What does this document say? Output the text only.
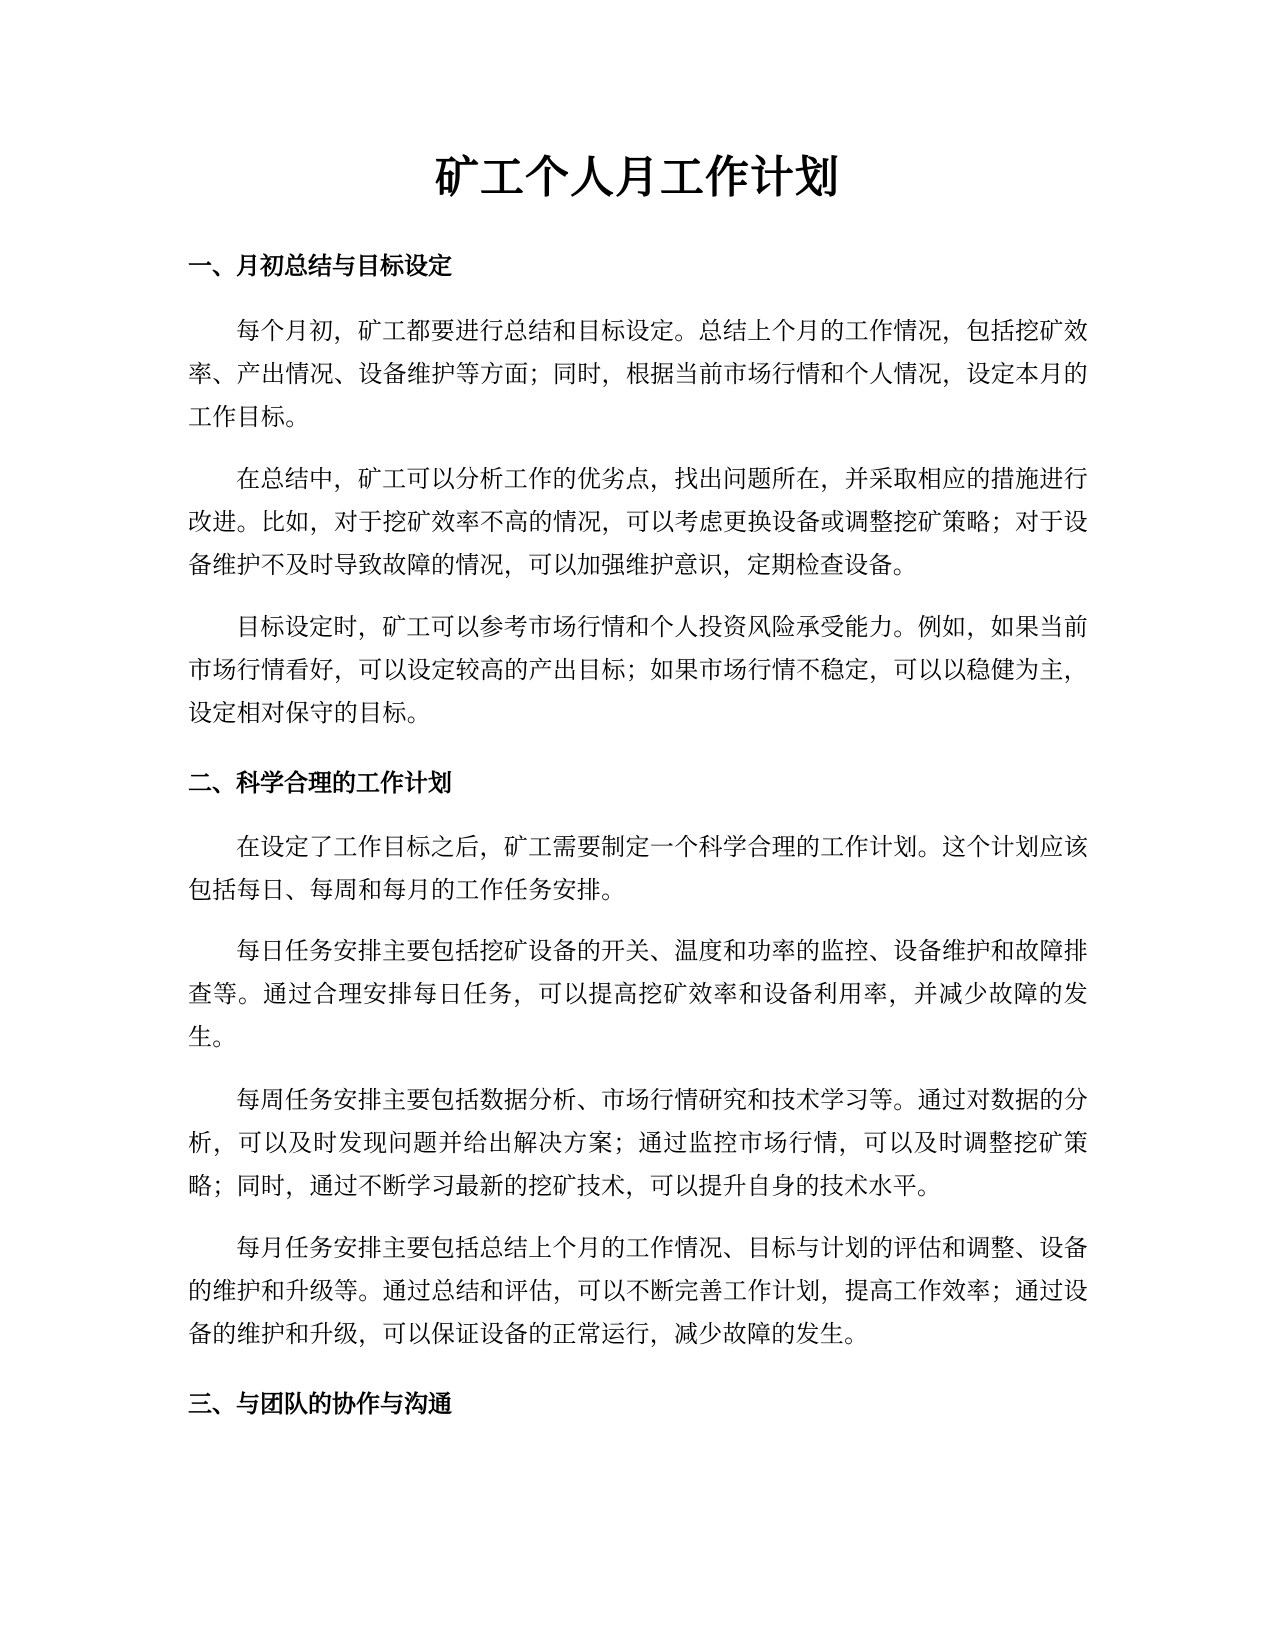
矿工个人月工作计划
一、月初总结与目标设定

每个月初，矿工都要进行总结和目标设定。总结上个月的工作情况，包括挖矿效率、产出情况、设备维护等方面；同时，根据当前市场行情和个人情况，设定本月的工作目标。

在总结中，矿工可以分析工作的优劣点，找出问题所在，并采取相应的措施进行改进。比如，对于挖矿效率不高的情况，可以考虑更换设备或调整挖矿策略；对于设备维护不及时导致故障的情况，可以加强维护意识，定期检查设备。

目标设定时，矿工可以参考市场行情和个人投资风险承受能力。例如，如果当前市场行情看好，可以设定较高的产出目标；如果市场行情不稳定，可以以稳健为主，设定相对保守的目标。

二、科学合理的工作计划

在设定了工作目标之后，矿工需要制定一个科学合理的工作计划。这个计划应该包括每日、每周和每月的工作任务安排。

每日任务安排主要包括挖矿设备的开关、温度和功率的监控、设备维护和故障排查等。通过合理安排每日任务，可以提高挖矿效率和设备利用率，并减少故障的发生。

每周任务安排主要包括数据分析、市场行情研究和技术学习等。通过对数据的分析，可以及时发现问题并给出解决方案；通过监控市场行情，可以及时调整挖矿策略；同时，通过不断学习最新的挖矿技术，可以提升自身的技术水平。

每月任务安排主要包括总结上个月的工作情况、目标与计划的评估和调整、设备的维护和升级等。通过总结和评估，可以不断完善工作计划，提高工作效率；通过设备的维护和升级，可以保证设备的正常运行，减少故障的发生。

三、与团队的协作与沟通
